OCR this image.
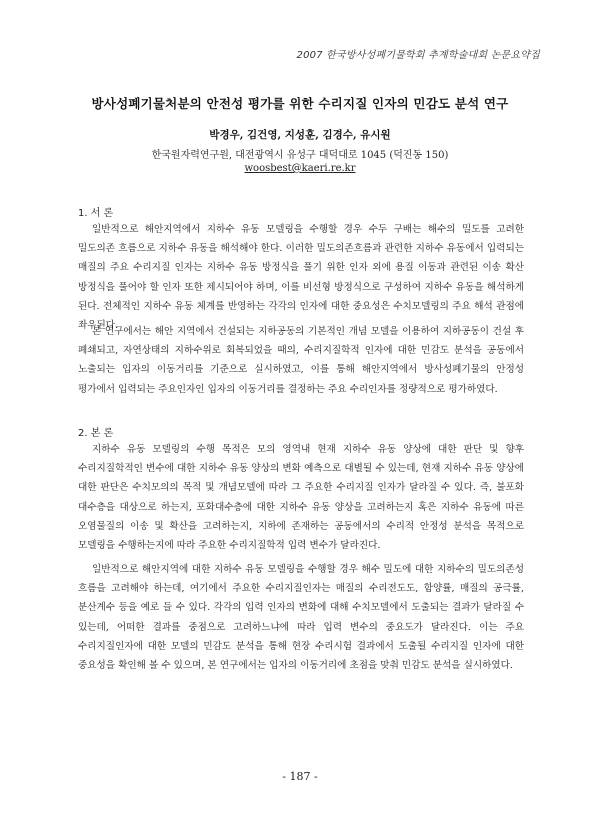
2007 한국방사성폐기물학회 추계학술대회 논문요약집
방사성폐기물처분의 안전성 평가를 위한 수리지질 인자의 민감도 분석 연구
박경우, 김건영, 지성훈, 김경수, 유시원
한국원자력연구원, 대전광역시 유성구 대덕대로 1045 (덕진동 150)
woosbest@kaeri.re.kr
1. 서 론

일반적으로 해안지역에서 지하수 유동 모델링을 수행할 경우 수두 구배는 해수의 밀도를 고려한 밀도의존 흐름으로 지하수 유동을 해석해야 한다. 이러한 밀도의존흐름과 관련한 지하수 유동에서 입력되는 매질의 주요 수리지질 인자는 지하수 유동 방정식을 풀기 위한 인자 외에 용질 이동과 관련된 이송 확산 방정식을 풀어야 할 인자 또한 제시되어야 하며, 이를 비선형 방정식으로 구성하여 지하수 유동을 해석하게 된다. 전체적인 지하수 유동 체계를 반영하는 각각의 인자에 대한 중요성은 수치모델링의 주요 해석 관점에 좌우된다.

본 연구에서는 해안 지역에서 건설되는 지하공동의 기본적인 개념 모델을 이용하여 지하공동이 건설 후 폐쇄되고, 자연상태의 지하수위로 회복되었을 때의, 수리지질학적 인자에 대한 민감도 분석을 공동에서 노출되는 입자의 이동거리를 기준으로 실시하였고, 이를 통해 해안지역에서 방사성폐기물의 안정성 평가에서 입력되는 주요인자인 입자의 이동거리를 결정하는 주요 수리인자를 정량적으로 평가하였다.

2. 본 론

지하수 유동 모델링의 수행 목적은 모의 영역내 현재 지하수 유동 양상에 대한 판단 및 향후 수리지질학적인 변수에 대한 지하수 유동 양상의 변화 예측으로 대별될 수 있는데, 현재 지하수 유동 양상에 대한 판단은 수치모의의 목적 및 개념모델에 따라 그 주요한 수리지질 인자가 달라질 수 있다. 즉, 불포화 대수층을 대상으로 하는지, 포화대수층에 대한 지하수 유동 양상을 고려하는지 혹은 지하수 유동에 따른 오염물질의 이송 및 확산을 고려하는지, 지하에 존재하는 공동에서의 수리적 안정성 분석을 목적으로 모델링을 수행하는지에 따라 주요한 수리지질학적 입력 변수가 달라진다.

일반적으로 해안지역에 대한 지하수 유동 모델링을 수행할 경우 해수 밀도에 대한 지하수의 밀도의존성 흐름을 고려해야 하는데, 여기에서 주요한 수리지질인자는 매질의 수리전도도, 함양률, 매질의 공극률, 분산계수 등을 예로 들 수 있다. 각각의 입력 인자의 변화에 대해 수치모델에서 도출되는 결과가 달라질 수 있는데, 어떠한 결과를 중점으로 고려하느냐에 따라 입력 변수의 중요도가 달라진다. 이는 주요 수리지질인자에 대한 모델의 민감도 분석을 통해 현장 수리시험 결과에서 도출될 수리지질 인자에 대한 중요성을 확인해 볼 수 있으며, 본 연구에서는 입자의 이동거리에 초점을 맞춰 민감도 분석을 실시하였다.

- 187 -
